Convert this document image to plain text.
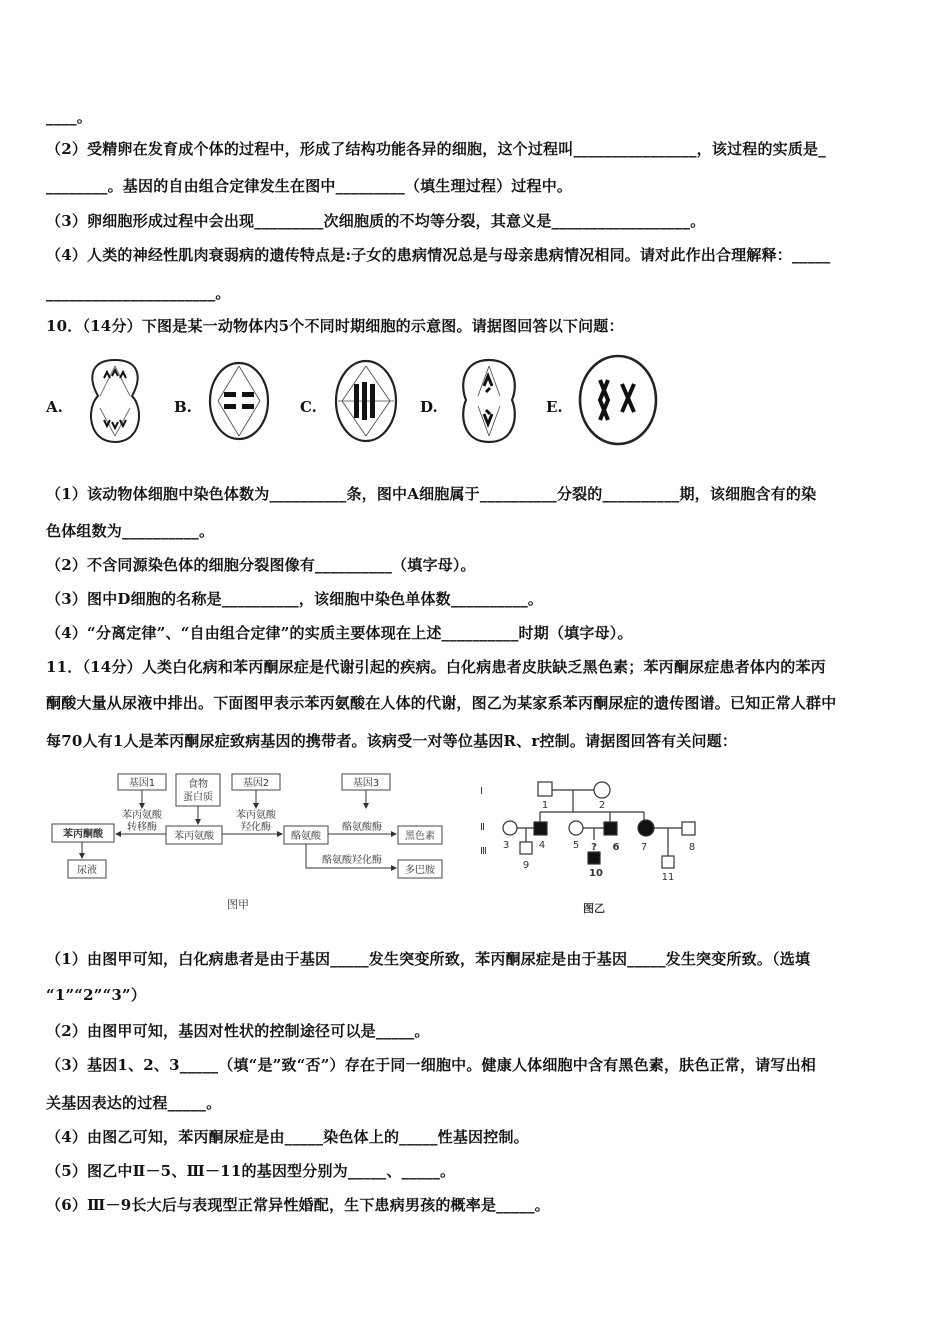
____。
（2）受精卵在发育成个体的过程中，形成了结构功能各异的细胞，这个过程叫________________，该过程的实质是_
________。基因的自由组合定律发生在图中_________（填生理过程）过程中。
（3）卵细胞形成过程中会出现_________次细胞质的不均等分裂，其意义是__________________。
（4）人类的神经性肌肉衰弱病的遗传特点是:子女的患病情况总是与母亲患病情况相同。请对此作出合理解释：_____
______________________。
10．（14分）下图是某一动物体内5个不同时期细胞的示意图。请据图回答以下问题：
A.	B.	C.	D.	E.
（1）该动物体细胞中染色体数为__________条，图中A细胞属于__________分裂的__________期，该细胞含有的染
色体组数为__________。
（2）不含同源染色体的细胞分裂图像有__________（填字母）。
（3）图中D细胞的名称是__________，该细胞中染色单体数__________。
（4）“分离定律”、“自由组合定律”的实质主要体现在上述__________时期（填字母）。
11．（14分）人类白化病和苯丙酮尿症是代谢引起的疾病。白化病患者皮肤缺乏黑色素；苯丙酮尿症患者体内的苯丙
酮酸大量从尿液中排出。下面图甲表示苯丙氨酸在人体的代谢，图乙为某家系苯丙酮尿症的遗传图谱。已知正常人群中
每70人有1人是苯丙酮尿症致病基因的携带者。该病受一对等位基因R、r控制。请据图回答有关问题：
基因1	食物
蛋白质
基因2	基因3
苯丙氨酸
转移酶
苯丙酮酸	苯丙氨酸
苯丙氨酸
羟化酶
酪氨酸
酪氨酸酶
黑色素
尿液
酪氨酸羟化酶
多巴胺
图甲
Ⅰ
Ⅱ
Ⅲ
1	2
3	4	5	6 7	8
9
?
10	11
图乙
（1）由图甲可知，白化病患者是由于基因_____发生突变所致，苯丙酮尿症是由于基因_____发生突变所致。（选填
“1”“2”“3”）
（2）由图甲可知，基因对性状的控制途径可以是_____。
（3）基因1、2、3_____（填“是”致“否”）存在于同一细胞中。健康人体细胞中含有黑色素，肤色正常，请写出相
关基因表达的过程_____。
（4）由图乙可知，苯丙酮尿症是由_____染色体上的_____性基因控制。
（5）图乙中Ⅱ－5、Ⅲ－11的基因型分别为_____、_____。
（6）Ⅲ－9长大后与表现型正常异性婚配，生下患病男孩的概率是_____。
